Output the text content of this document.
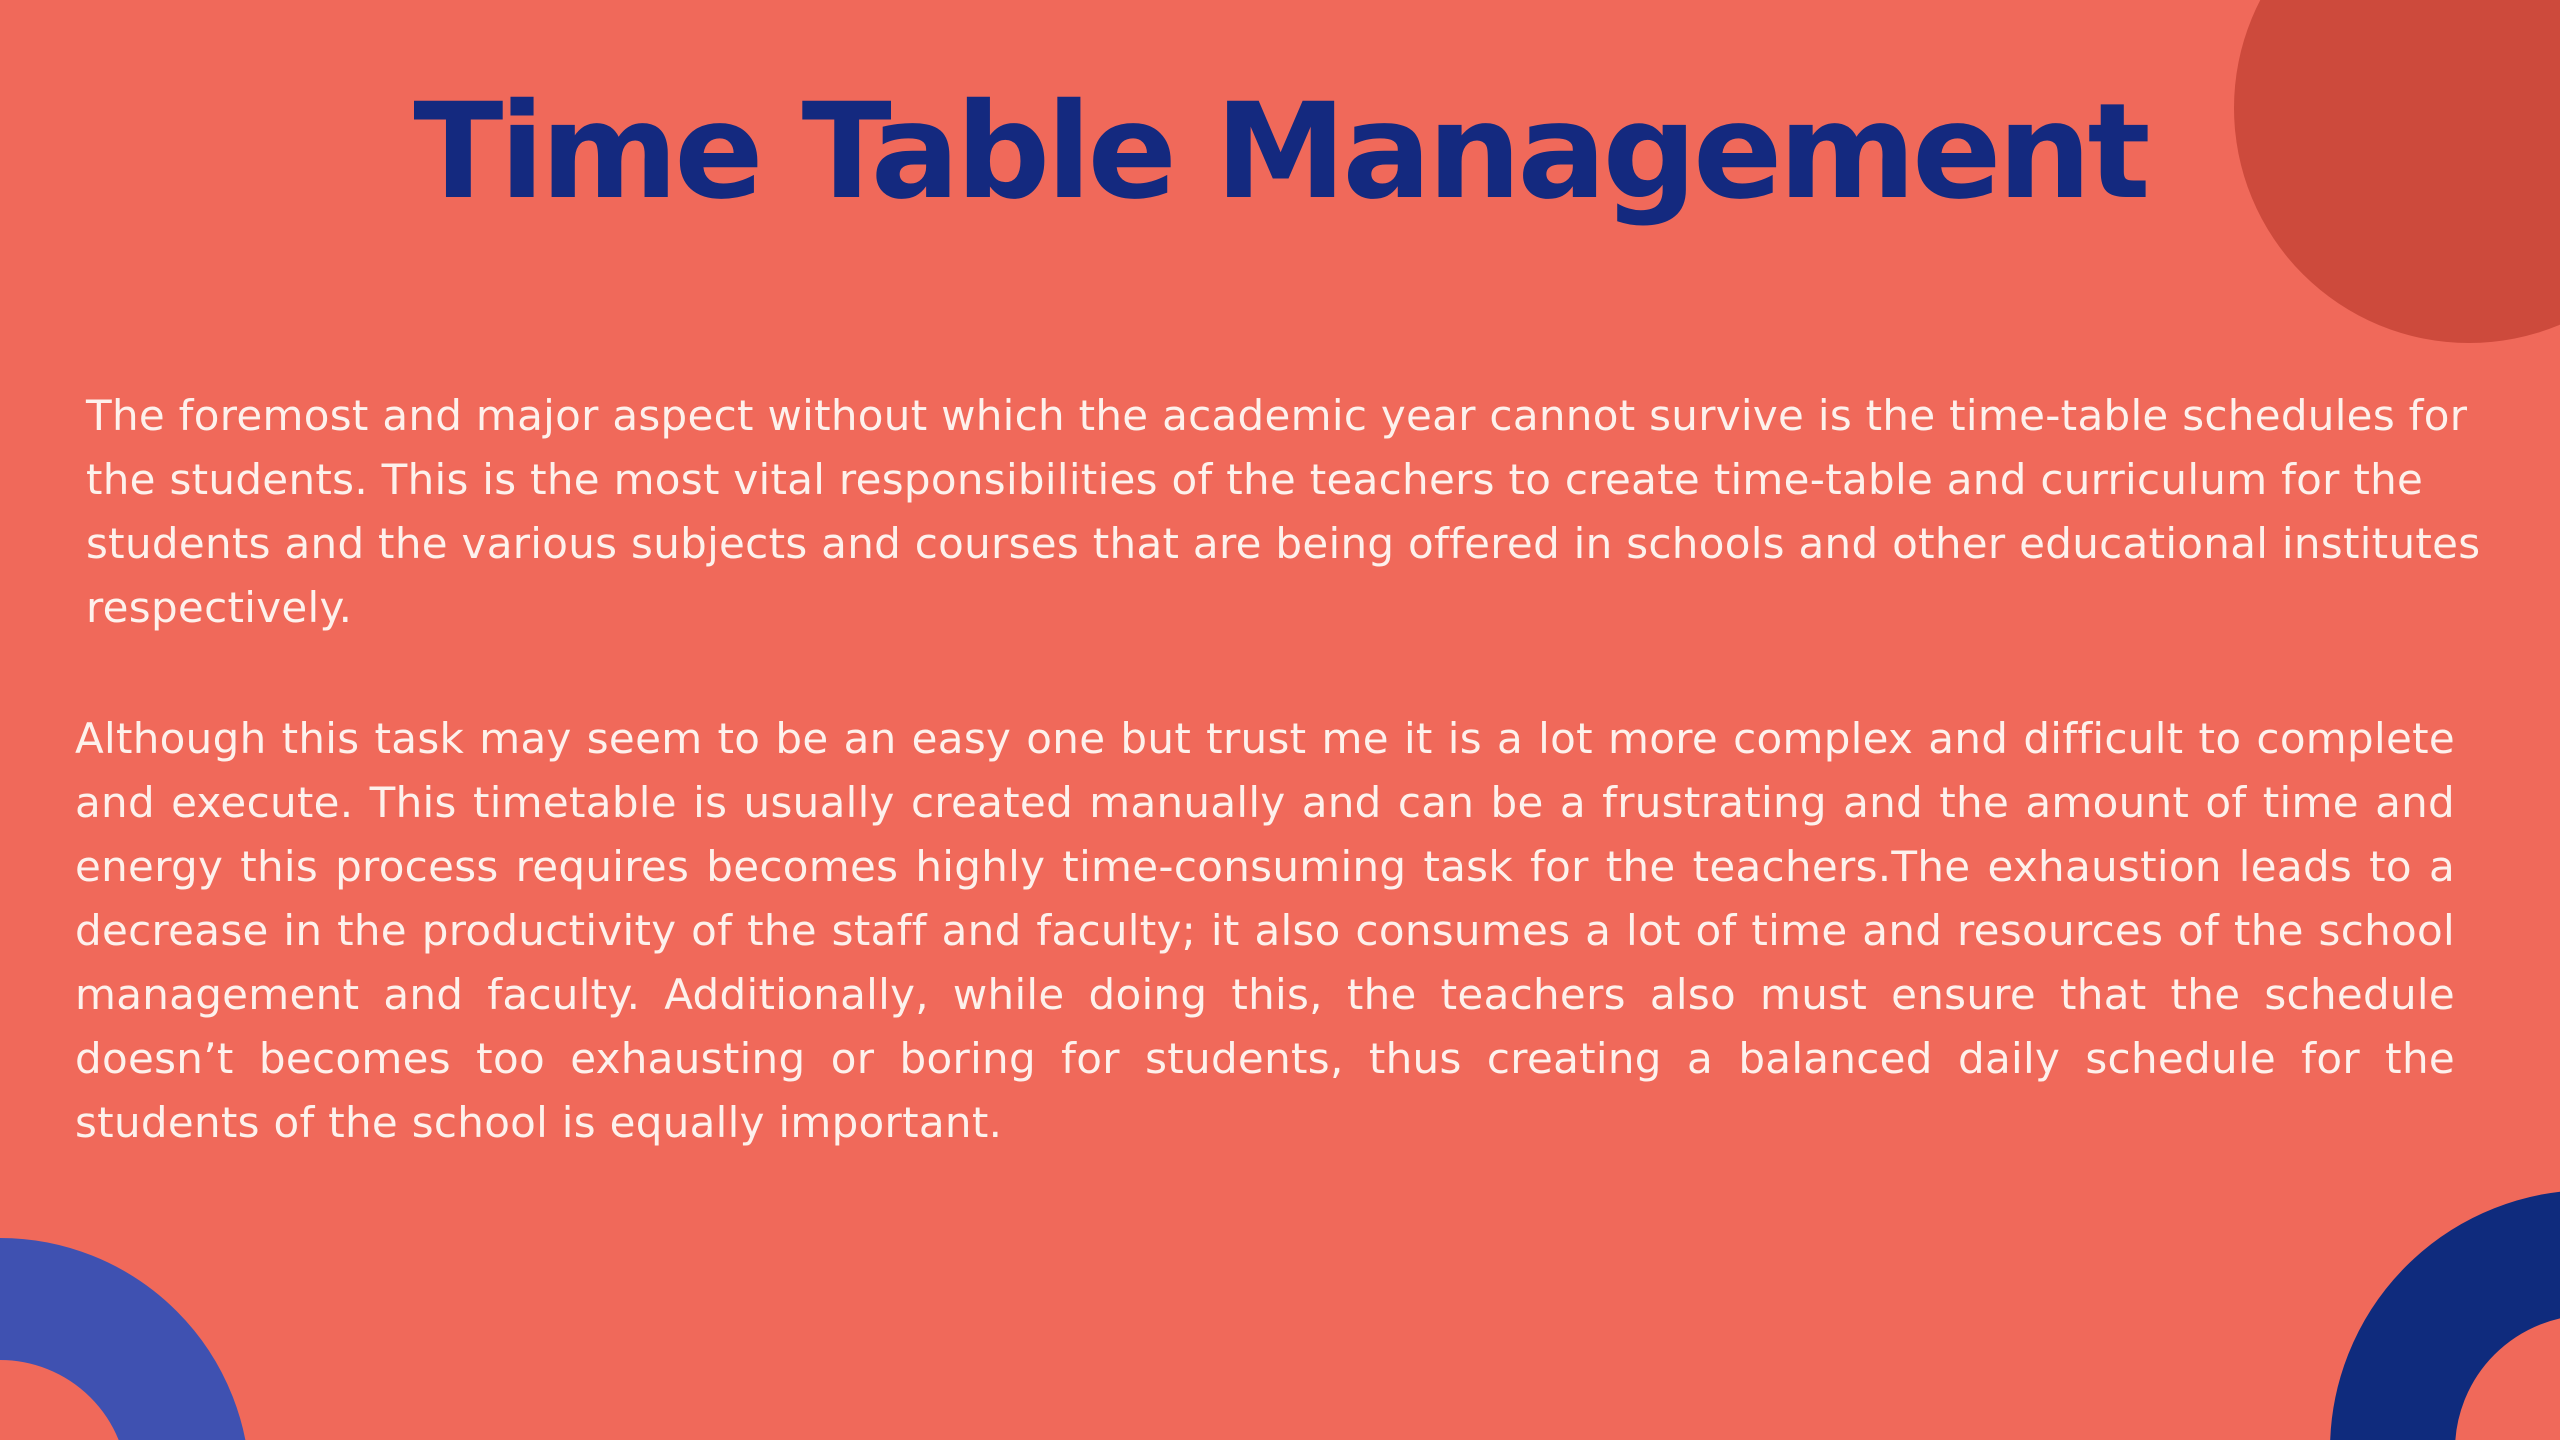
Time Table Management

The foremost and major aspect without which the academic year cannot survive is the time-table schedules for the students. This is the most vital responsibilities of the teachers to create time-table and curriculum for the students and the various subjects and courses that are being offered in schools and other educational institutes respectively.

Although this task may seem to be an easy one but trust me it is a lot more complex and difficult to complete and execute. This timetable is usually created manually and can be a frustrating and the amount of time and energy this process requires becomes highly time-consuming task for the teachers.The exhaustion leads to a decrease in the productivity of the staff and faculty; it also consumes a lot of time and resources of the school management and faculty. Additionally, while doing this, the teachers also must ensure that the schedule doesn’t becomes too exhausting or boring for students, thus creating a balanced daily schedule for the students of the school is equally important.
